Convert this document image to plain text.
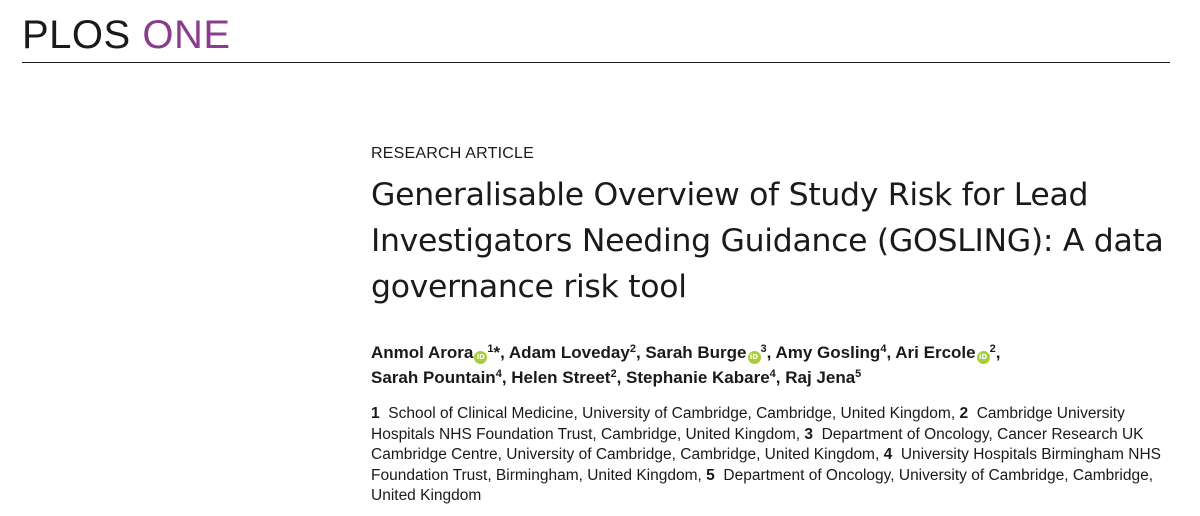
PLOS ONE
RESEARCH ARTICLE
Generalisable Overview of Study Risk for Lead Investigators Needing Guidance (GOSLING): A data governance risk tool
Anmol Arora $iD^1*$, Adam Loveday$^2$, Sarah Burge $iD^3$, Amy Gosling$^4$, Ari Ercole $iD^2$,
Sarah Pountain$^4$, Helen Street$^2$, Stephanie Kabare$^4$, Raj Jena$^5$
1 School of Clinical Medicine, University of Cambridge, Cambridge, United Kingdom, 2 Cambridge University Hospitals NHS Foundation Trust, Cambridge, United Kingdom, 3 Department of Oncology, Cancer Research UK Cambridge Centre, University of Cambridge, Cambridge, United Kingdom, 4 University Hospitals Birmingham NHS Foundation Trust, Birmingham, United Kingdom, 5 Department of Oncology, University of Cambridge, Cambridge, United Kingdom
